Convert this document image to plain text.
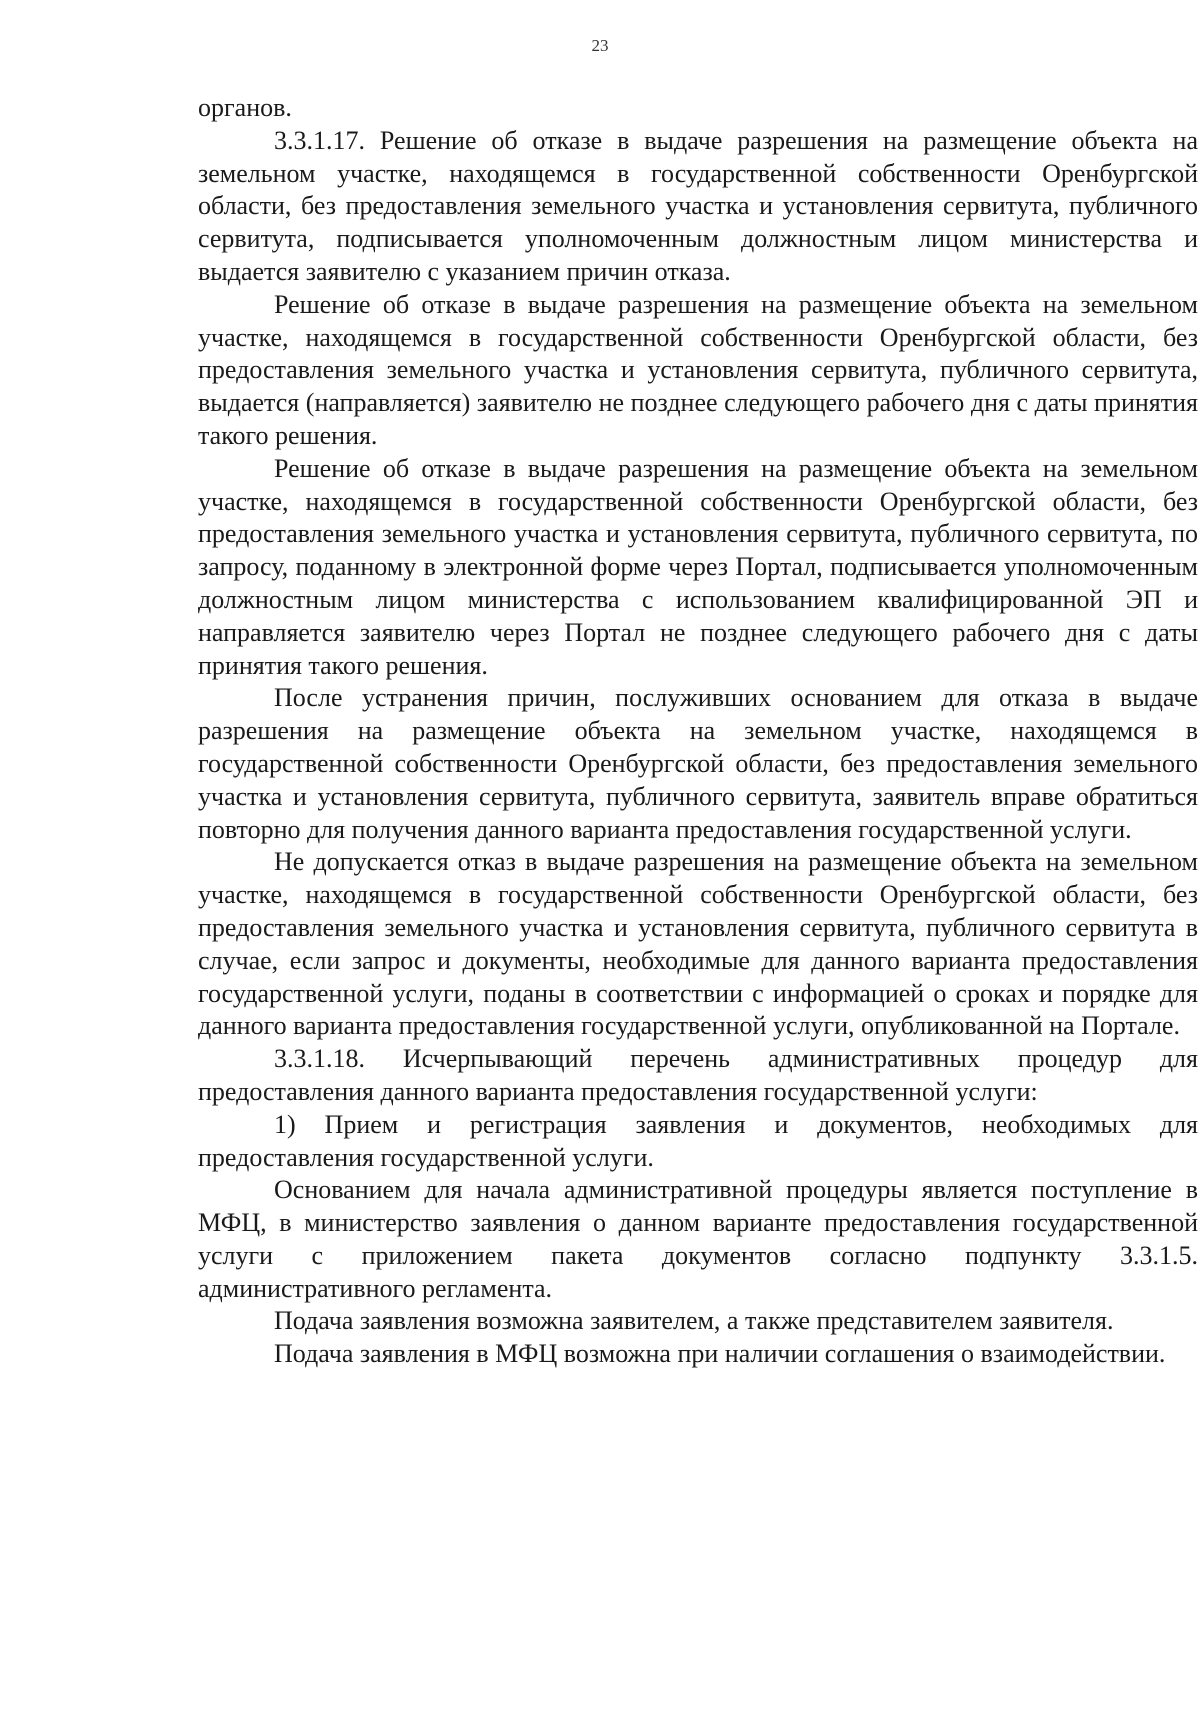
23

органов.

3.3.1.17. Решение об отказе в выдаче разрешения на размещение объекта на земельном участке, находящемся в государственной собственности Оренбургской области, без предоставления земельного участка и установления сервитута, публичного сервитута, подписывается уполномоченным должностным лицом министерства и выдается заявителю с указанием причин отказа.

Решение об отказе в выдаче разрешения на размещение объекта на земельном участке, находящемся в государственной собственности Оренбургской области, без предоставления земельного участка и установления сервитута, публичного сервитута, выдается (направляется) заявителю не позднее следующего рабочего дня с даты принятия такого решения.

Решение об отказе в выдаче разрешения на размещение объекта на земельном участке, находящемся в государственной собственности Оренбургской области, без предоставления земельного участка и установления сервитута, публичного сервитута, по запросу, поданному в электронной форме через Портал, подписывается уполномоченным должностным лицом министерства с использованием квалифицированной ЭП и направляется заявителю через Портал не позднее следующего рабочего дня с даты принятия такого решения.

После устранения причин, послуживших основанием для отказа в выдаче разрешения на размещение объекта на земельном участке, находящемся в государственной собственности Оренбургской области, без предоставления земельного участка и установления сервитута, публичного сервитута, заявитель вправе обратиться повторно для получения данного варианта предоставления государственной услуги.

Не допускается отказ в выдаче разрешения на размещение объекта на земельном участке, находящемся в государственной собственности Оренбургской области, без предоставления земельного участка и установления сервитута, публичного сервитута в случае, если запрос и документы, необходимые для данного варианта предоставления государственной услуги, поданы в соответствии с информацией о сроках и порядке для данного варианта предоставления государственной услуги, опубликованной на Портале.

3.3.1.18. Исчерпывающий перечень административных процедур для предоставления данного варианта предоставления государственной услуги:

1) Прием и регистрация заявления и документов, необходимых для предоставления государственной услуги.

Основанием для начала административной процедуры является поступление в МФЦ, в министерство заявления о данном варианте предоставления государственной услуги с приложением пакета документов согласно подпункту 3.3.1.5. административного регламента.

Подача заявления возможна заявителем, а также представителем заявителя.

Подача заявления в МФЦ возможна при наличии соглашения о взаимодействии.
